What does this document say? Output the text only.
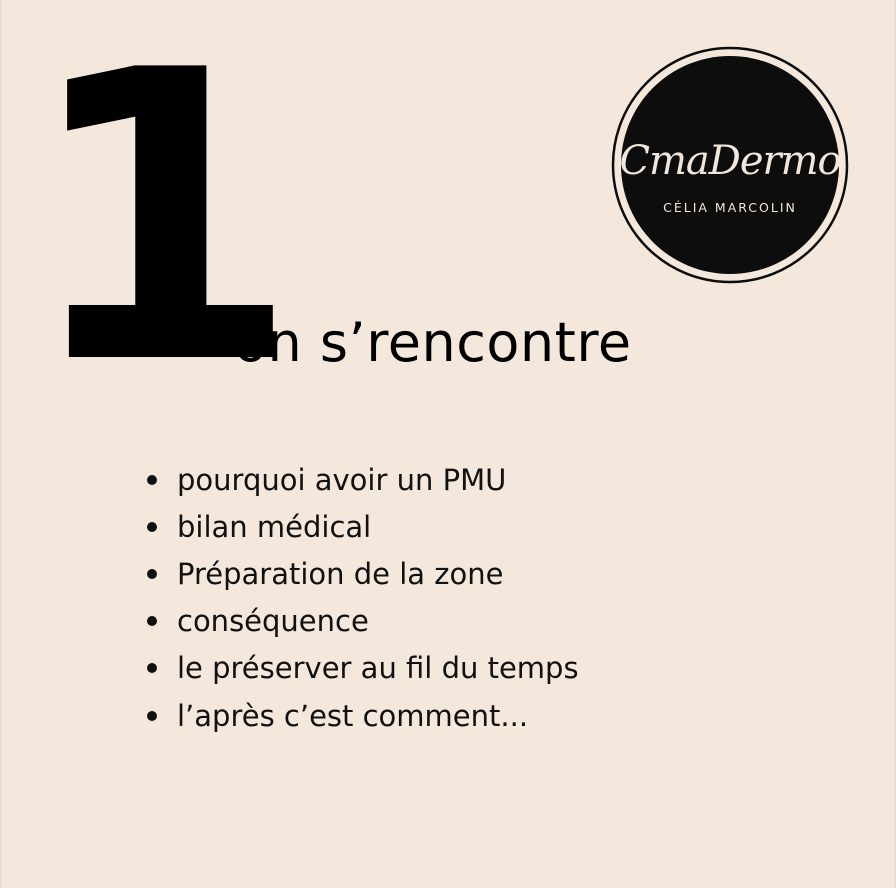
1
on s’rencontre
CmaDermo
CÉLIA MARCOLIN
pourquoi avoir un PMU
bilan médical
Préparation de la zone
conséquence
le préserver au fil du temps
l’après c’est comment...
